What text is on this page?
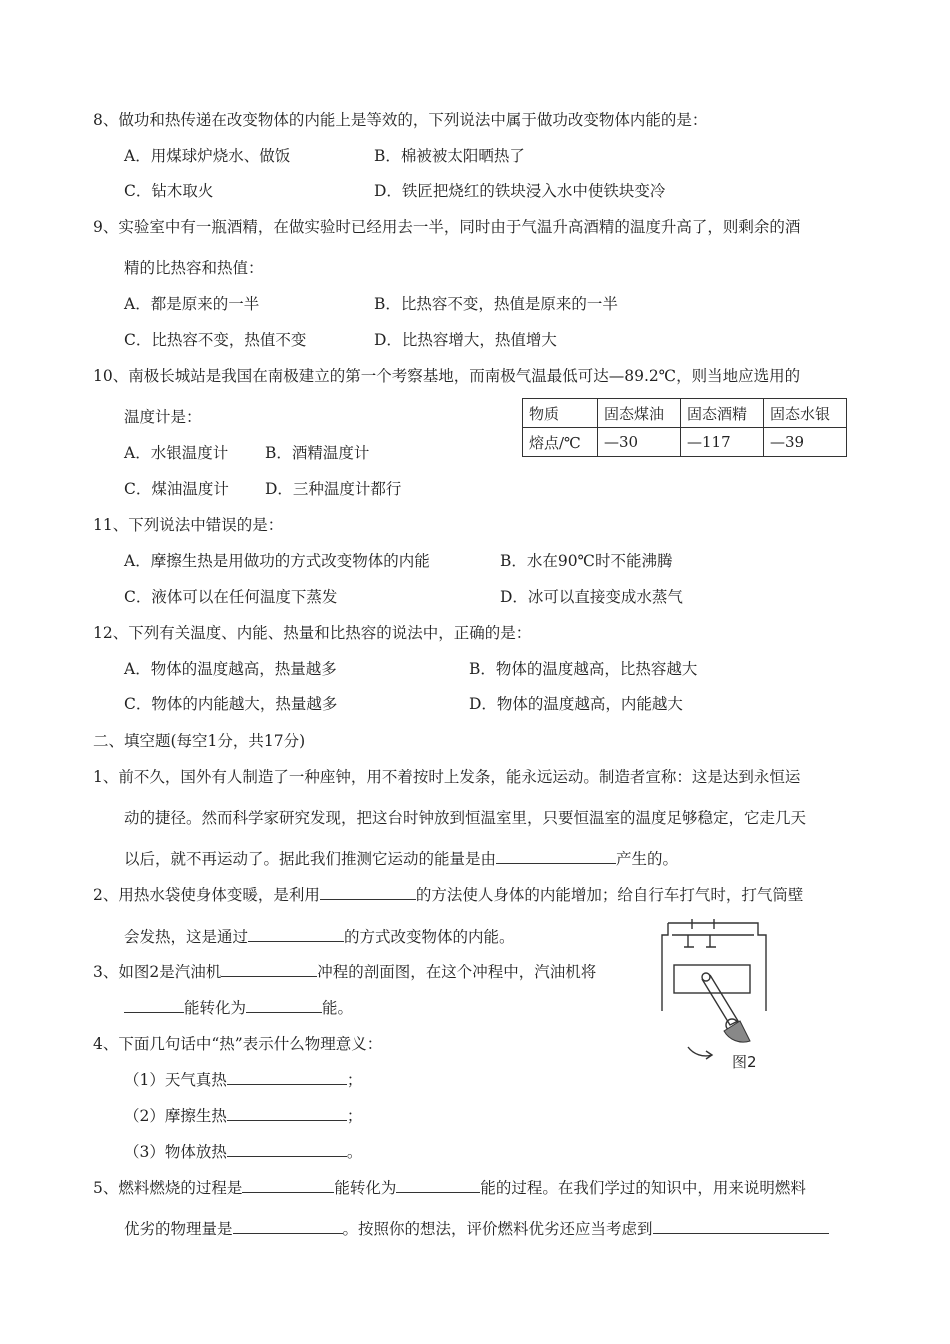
8、做功和热传递在改变物体的内能上是等效的，下列说法中属于做功改变物体内能的是：
A．用煤球炉烧水、做饭	B．棉被被太阳晒热了
C．钻木取火	D．铁匠把烧红的铁块浸入水中使铁块变冷
9、实验室中有一瓶酒精，在做实验时已经用去一半，同时由于气温升高酒精的温度升高了，则剩余的酒
精的比热容和热值：
A．都是原来的一半	B．比热容不变，热值是原来的一半
C．比热容不变，热值不变	D．比热容增大，热值增大
10、南极长城站是我国在南极建立的第一个考察基地，而南极气温最低可达—89.2℃，则当地应选用的
温度计是：
A．水银温度计 B．酒精温度计
C．煤油温度计 D．三种温度计都行
物质	固态煤油	固态酒精	固态水银
熔点/℃	—30	—117	—39
11、下列说法中错误的是：
A．摩擦生热是用做功的方式改变物体的内能	B．水在90℃时不能沸腾
C．液体可以在任何温度下蒸发	D．冰可以直接变成水蒸气
12、下列有关温度、内能、热量和比热容的说法中，正确的是：
A．物体的温度越高，热量越多	B．物体的温度越高，比热容越大
C．物体的内能越大，热量越多	D．物体的温度越高，内能越大
二、填空题(每空1分，共17分)
1、前不久，国外有人制造了一种座钟，用不着按时上发条，能永远运动。制造者宣称：这是达到永恒运
动的捷径。然而科学家研究发现，把这台时钟放到恒温室里，只要恒温室的温度足够稳定，它走几天
以后，就不再运动了。据此我们推测它运动的能量是由	产生的。
2、用热水袋使身体变暖，是利用	的方法使人身体的内能增加；给自行车打气时，打气筒壁
会发热，这是通过	的方式改变物体的内能。
3、如图2是汽油机	冲程的剖面图，在这个冲程中，汽油机将
能转化为	能。
图2
4、下面几句话中“热”表示什么物理意义：
（1）天气真热	；
（2）摩擦生热	；
（3）物体放热	。
5、燃料燃烧的过程是	能转化为	能的过程。在我们学过的知识中，用来说明燃料
优劣的物理量是	。按照你的想法，评价燃料优劣还应当考虑到
